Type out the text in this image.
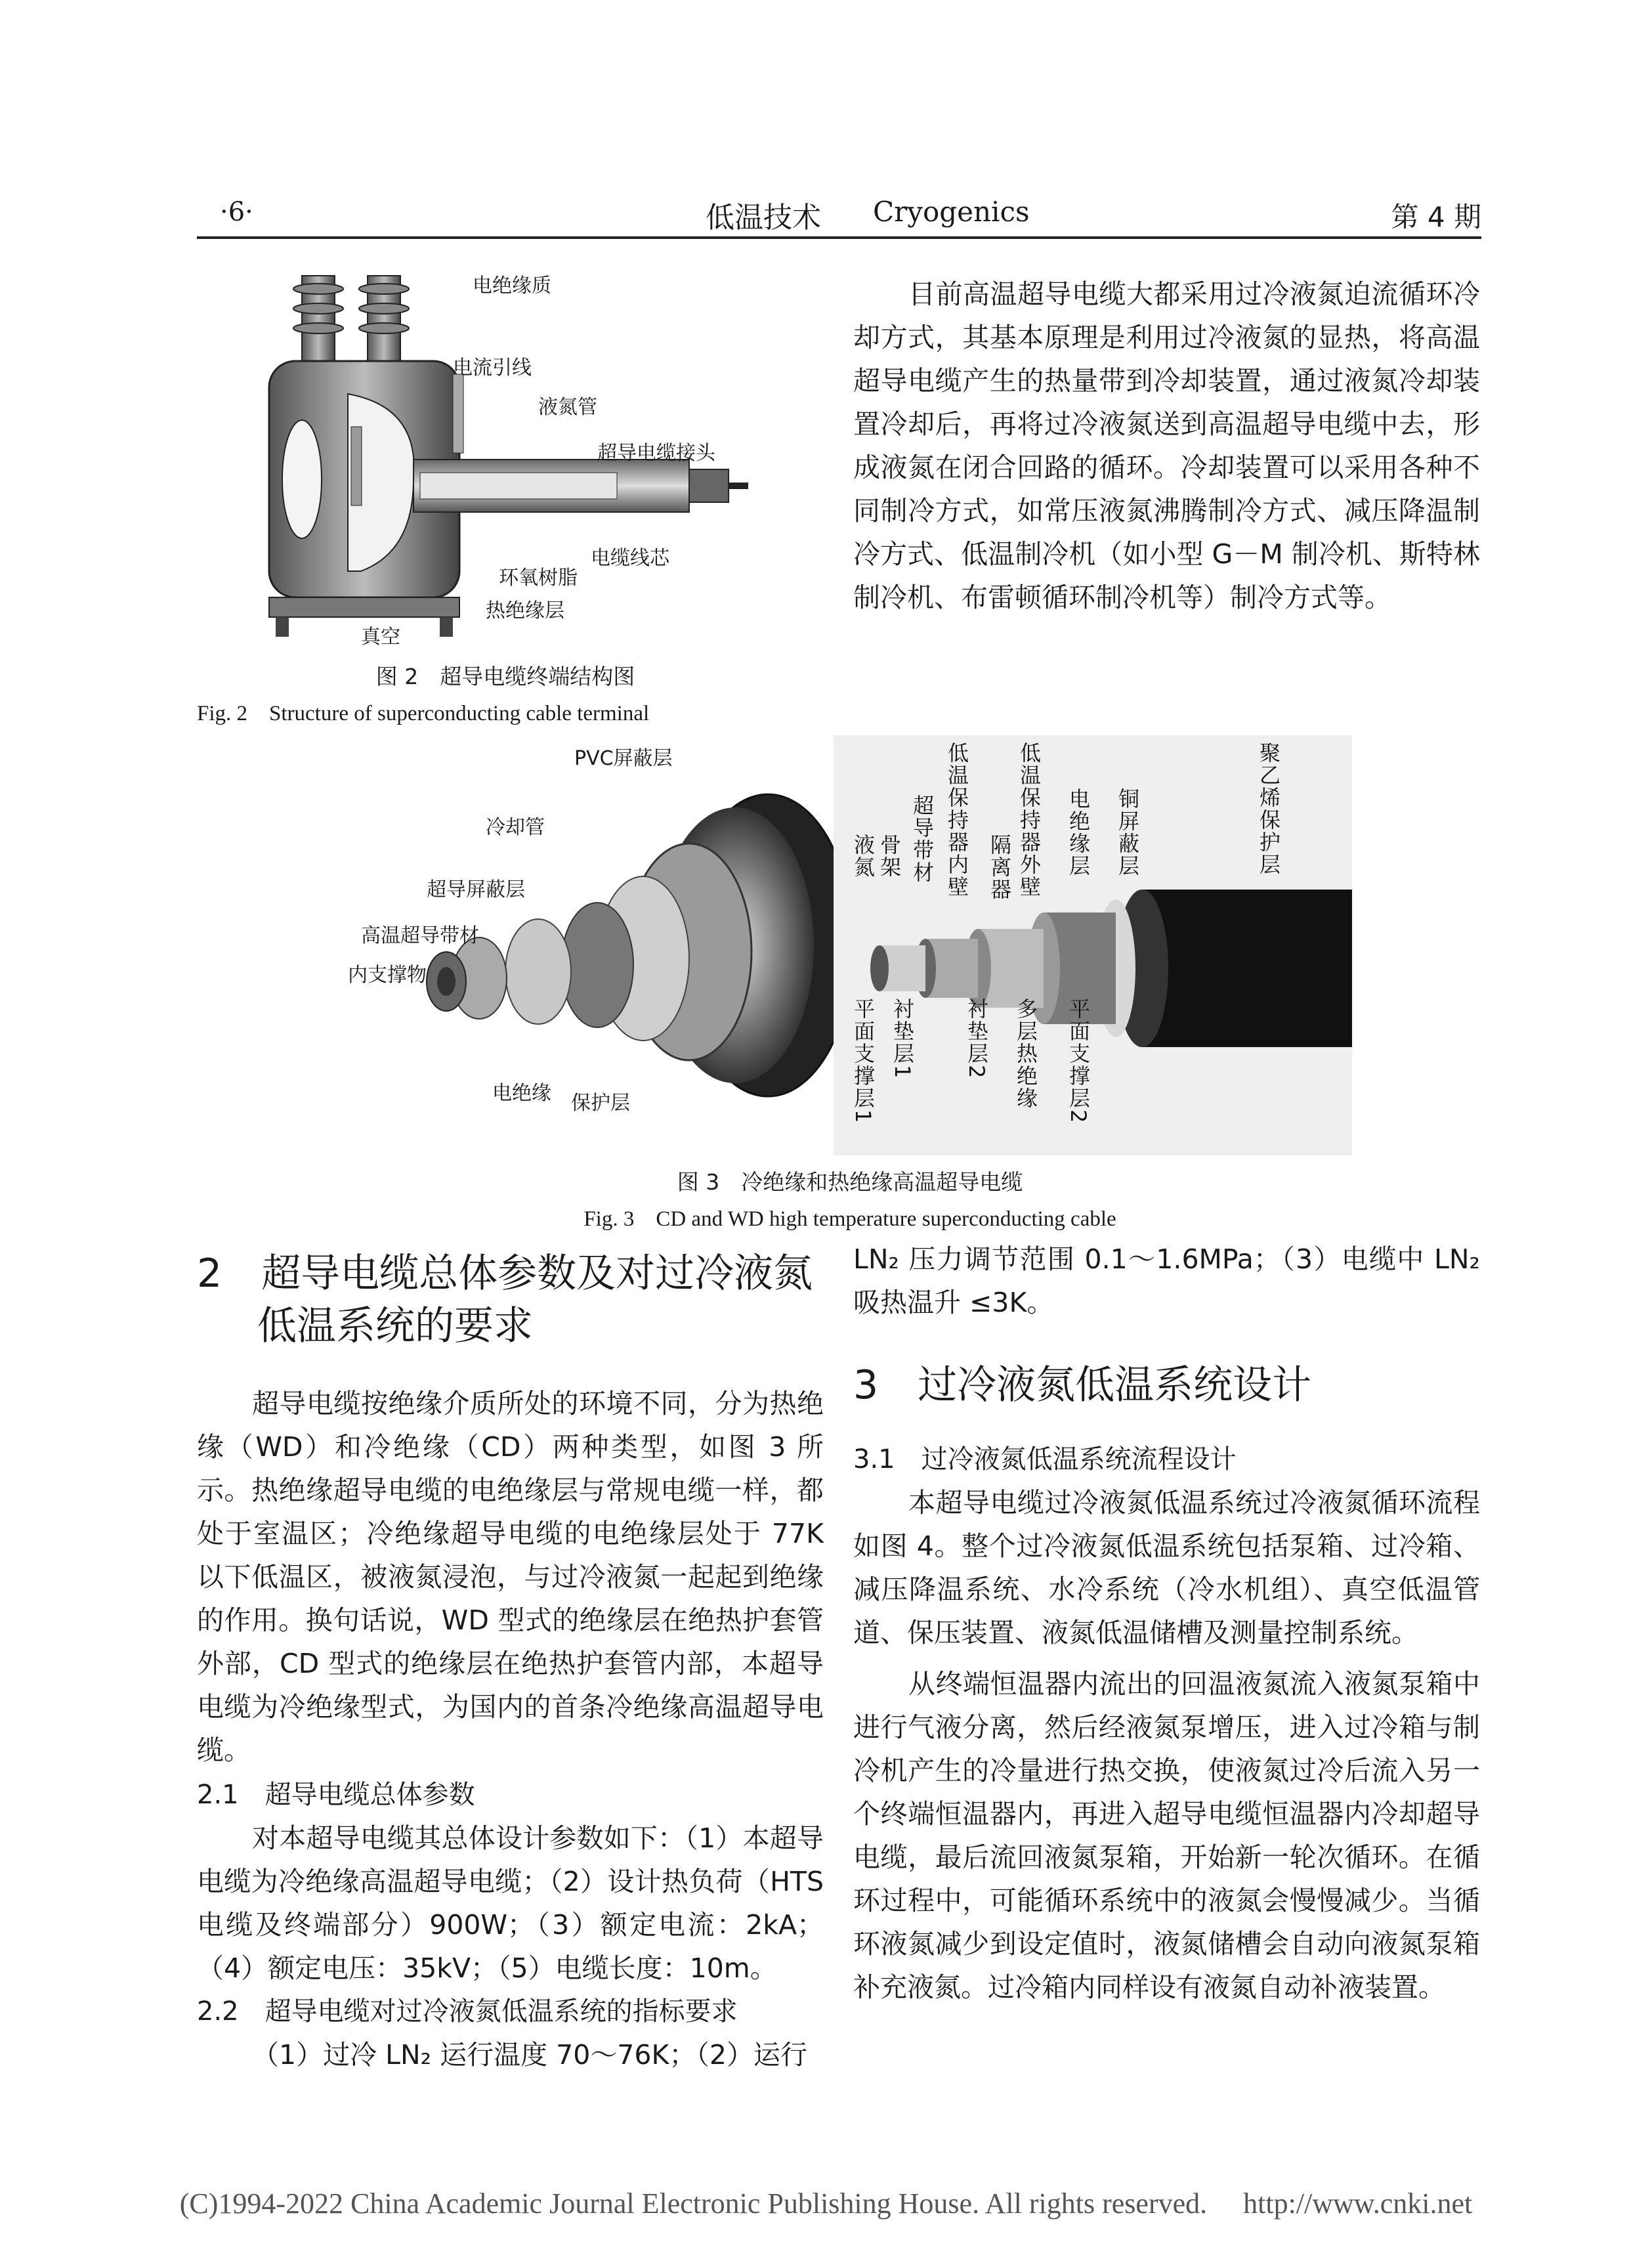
·6·	低温技术 Cryogenics	第 4 期
电绝缘质
电流引线
液氮管
超导电缆接头
电缆线芯
环氧树脂
热绝缘层
真空
图 2　超导电缆终端结构图
Fig. 2　Structure of superconducting cable terminal

目前高温超导电缆大都采用过冷液氮迫流循环冷却方式，其基本原理是利用过冷液氮的显热，将高温超导电缆产生的热量带到冷却装置，通过液氮冷却装置冷却后，再将过冷液氮送到高温超导电缆中去，形成液氮在闭合回路的循环。冷却装置可以采用各种不同制冷方式，如常压液氮沸腾制冷方式、减压降温制冷方式、低温制冷机（如小型 G－M 制冷机、斯特林制冷机、布雷顿循环制冷机等）制冷方式等。

PVC屏蔽层
冷却管
超导屏蔽层
高温超导带材
内支撑物
电绝缘 保护层
液氮 骨架 超导带材 低温保持器内壁 低温保持器外壁
隔离器	电绝缘层 铜屏蔽层	聚乙烯保护层
平面支撑层1 衬垫层1 衬垫层2 多层热绝缘 平面支撑层2
图 3　冷绝缘和热绝缘高温超导电缆
Fig. 3　CD and WD high temperature superconducting cable
2 超导电缆总体参数及对过冷液氮
低温系统的要求

超导电缆按绝缘介质所处的环境不同，分为热绝缘（WD）和冷绝缘（CD）两种类型，如图 3 所示。热绝缘超导电缆的电绝缘层与常规电缆一样，都处于室温区；冷绝缘超导电缆的电绝缘层处于 77K 以下低温区，被液氮浸泡，与过冷液氮一起起到绝缘的作用。换句话说，WD 型式的绝缘层在绝热护套管外部，CD 型式的绝缘层在绝热护套管内部，本超导电缆为冷绝缘型式，为国内的首条冷绝缘高温超导电缆。

2.1　超导电缆总体参数

对本超导电缆其总体设计参数如下：（1）本超导电缆为冷绝缘高温超导电缆；（2）设计热负荷（HTS 电缆及终端部分）900W；（3）额定电流：2kA；（4）额定电压：35kV；（5）电缆长度：10m。

2.2　超导电缆对过冷液氮低温系统的指标要求

（1）过冷 LN₂ 运行温度 70～76K；（2）运行

LN₂ 压力调节范围 0.1～1.6MPa；（3）电缆中 LN₂ 吸热温升 ≤3K。

3 过冷液氮低温系统设计

3.1　过冷液氮低温系统流程设计

本超导电缆过冷液氮低温系统过冷液氮循环流程如图 4。整个过冷液氮低温系统包括泵箱、过冷箱、减压降温系统、水冷系统（冷水机组）、真空低温管道、保压装置、液氮低温储槽及测量控制系统。

从终端恒温器内流出的回温液氮流入液氮泵箱中进行气液分离，然后经液氮泵增压，进入过冷箱与制冷机产生的冷量进行热交换，使液氮过冷后流入另一个终端恒温器内，再进入超导电缆恒温器内冷却超导电缆，最后流回液氮泵箱，开始新一轮次循环。在循环过程中，可能循环系统中的液氮会慢慢减少。当循环液氮减少到设定值时，液氮储槽会自动向液氮泵箱补充液氮。过冷箱内同样设有液氮自动补液装置。

(C)1994-2022 China Academic Journal Electronic Publishing House. All rights reserved.　 http://www.cnki.net
